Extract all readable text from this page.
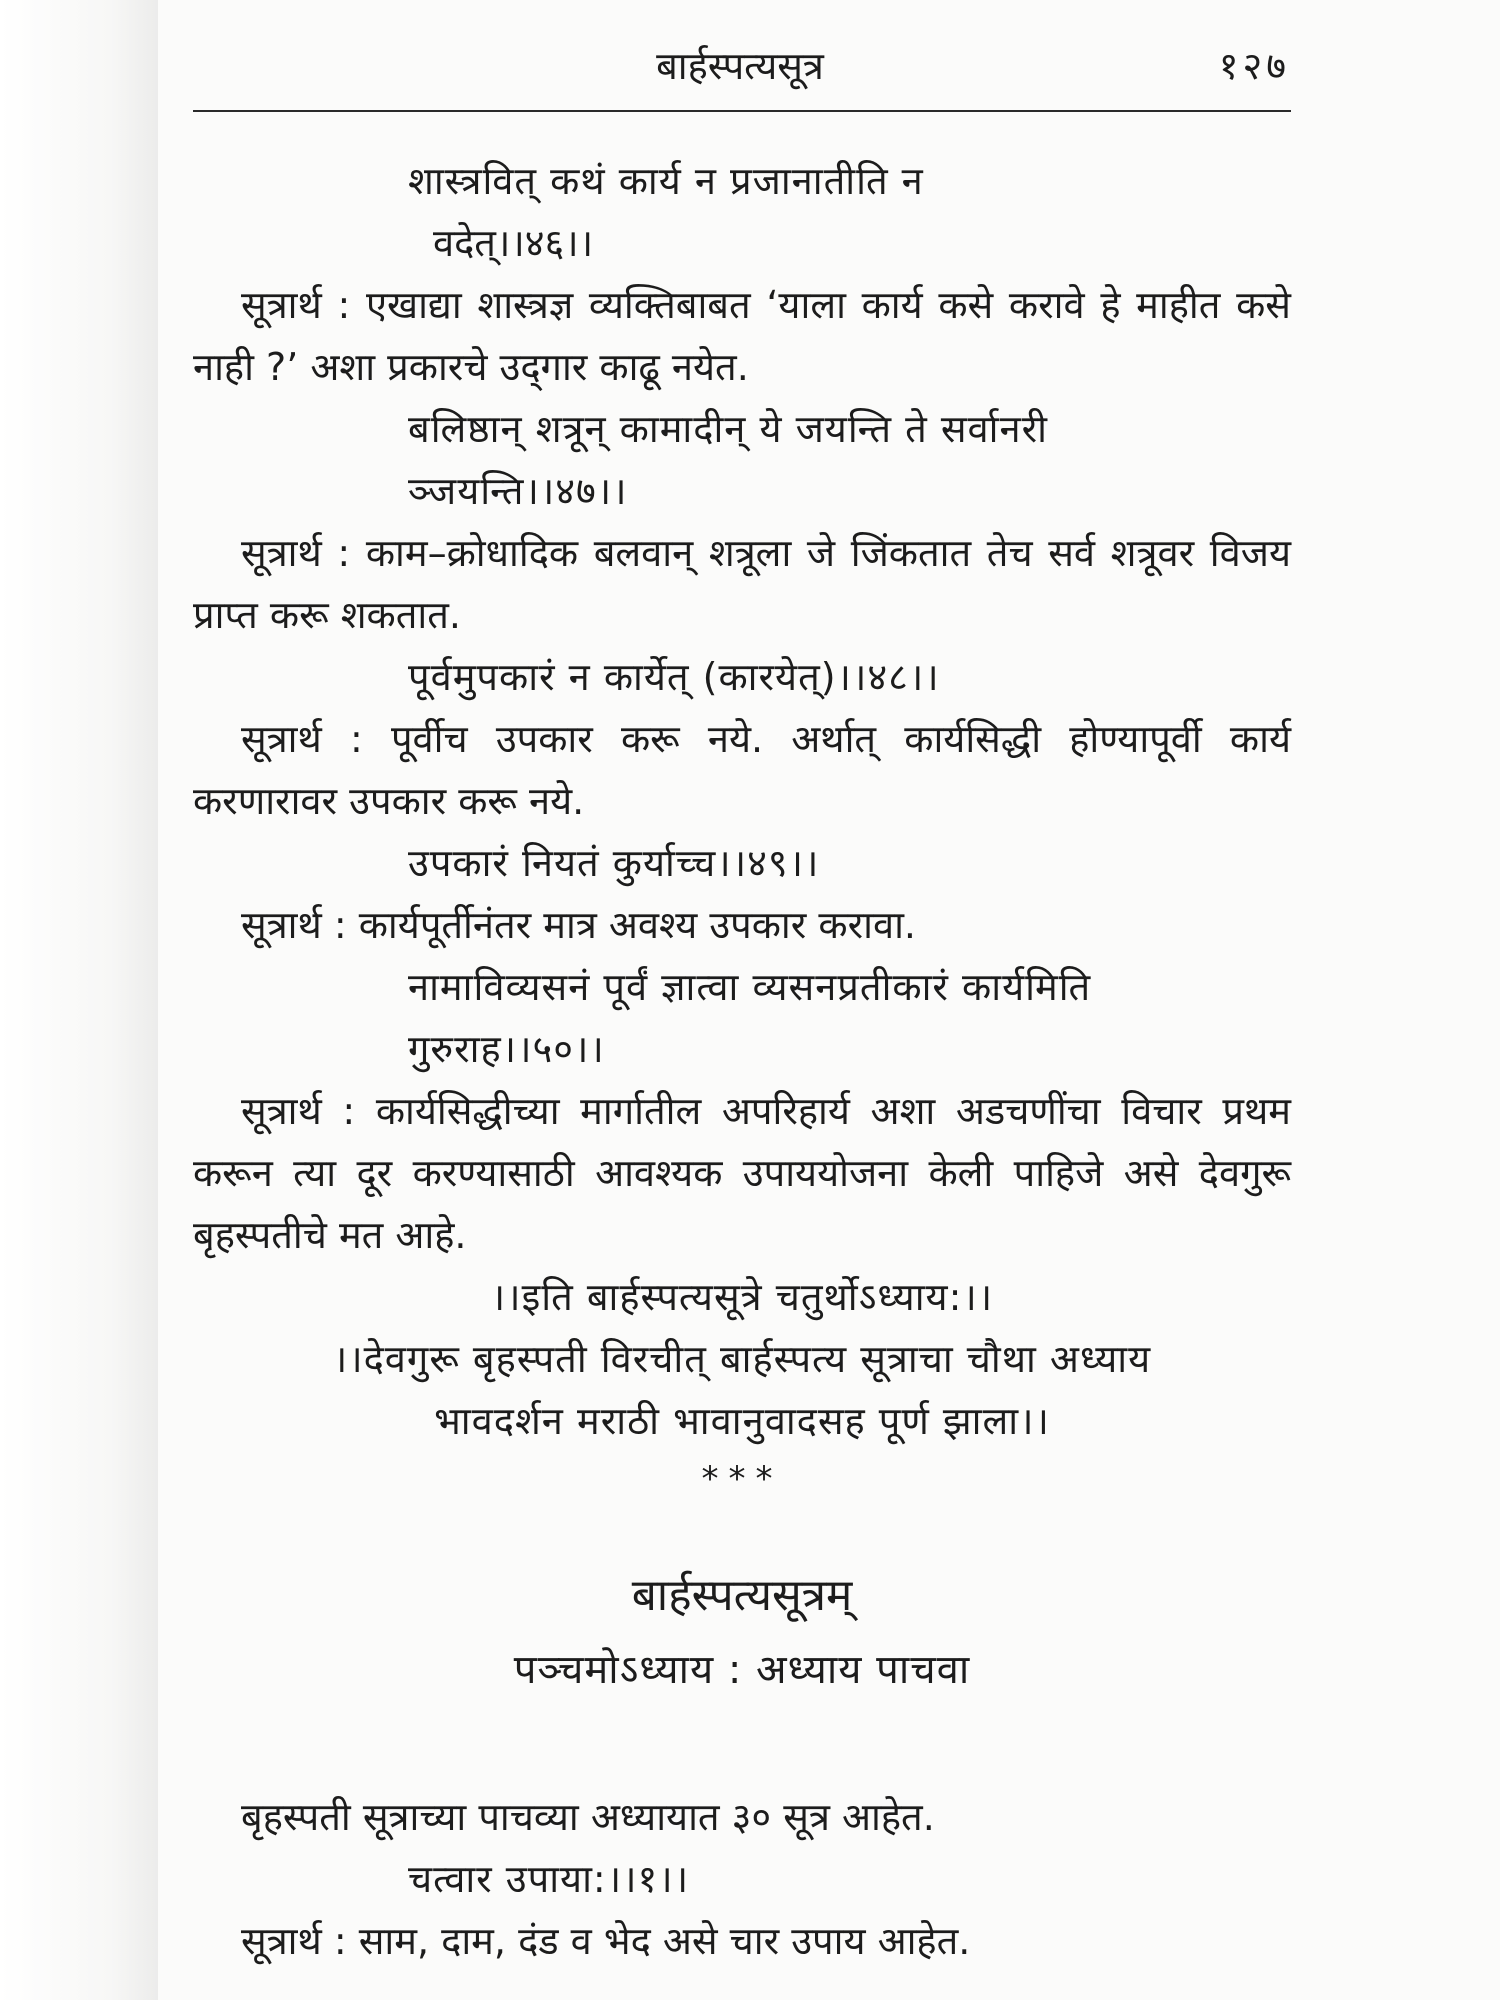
बार्हस्पत्यसूत्र	१२७
शास्त्रवित् कथं कार्य न प्रजानातीति न
वदेत्।।४६।।
सूत्रार्थ : एखाद्या शास्त्रज्ञ व्यक्तिबाबत ‘याला कार्य कसे करावे हे माहीत कसे नाही ?’ अशा प्रकारचे उद्‌गार काढू नयेत.
बलिष्ठान् शत्रून् कामादीन् ये जयन्ति ते सर्वानरी
ञ्जयन्ति।।४७।।
सूत्रार्थ : काम–क्रोधादिक बलवान् शत्रूला जे जिंकतात तेच सर्व शत्रूवर विजय प्राप्त करू शकतात.
पूर्वमुपकारं न कार्येत् (कारयेत्)।।४८।।
सूत्रार्थ : पूर्वीच उपकार करू नये. अर्थात् कार्यसिद्धी होण्यापूर्वी कार्य करणारावर उपकार करू नये.
उपकारं नियतं कुर्याच्च।।४९।।
सूत्रार्थ : कार्यपूर्तीनंतर मात्र अवश्य उपकार करावा.
नामाविव्यसनं पूर्वं ज्ञात्वा व्यसनप्रतीकारं कार्यमिति
गुरुराह।।५०।।
सूत्रार्थ : कार्यसिद्धीच्या मार्गातील अपरिहार्य अशा अडचणींचा विचार प्रथम करून त्या दूर करण्यासाठी आवश्यक उपाययोजना केली पाहिजे असे देवगुरू बृहस्पतीचे मत आहे.
।।इति बार्हस्पत्यसूत्रे चतुर्थोऽध्याय:।।
।।देवगुरू बृहस्पती विरचीत् बार्हस्पत्य सूत्राचा चौथा अध्याय
भावदर्शन मराठी भावानुवादसह पूर्ण झाला।।
***
बार्हस्पत्यसूत्रम्
पञ्चमोऽध्याय : अध्याय पाचवा
बृहस्पती सूत्राच्या पाचव्या अध्यायात ३० सूत्र आहेत.
चत्वार उपाया:।।१।।
सूत्रार्थ : साम, दाम, दंड व भेद असे चार उपाय आहेत.
